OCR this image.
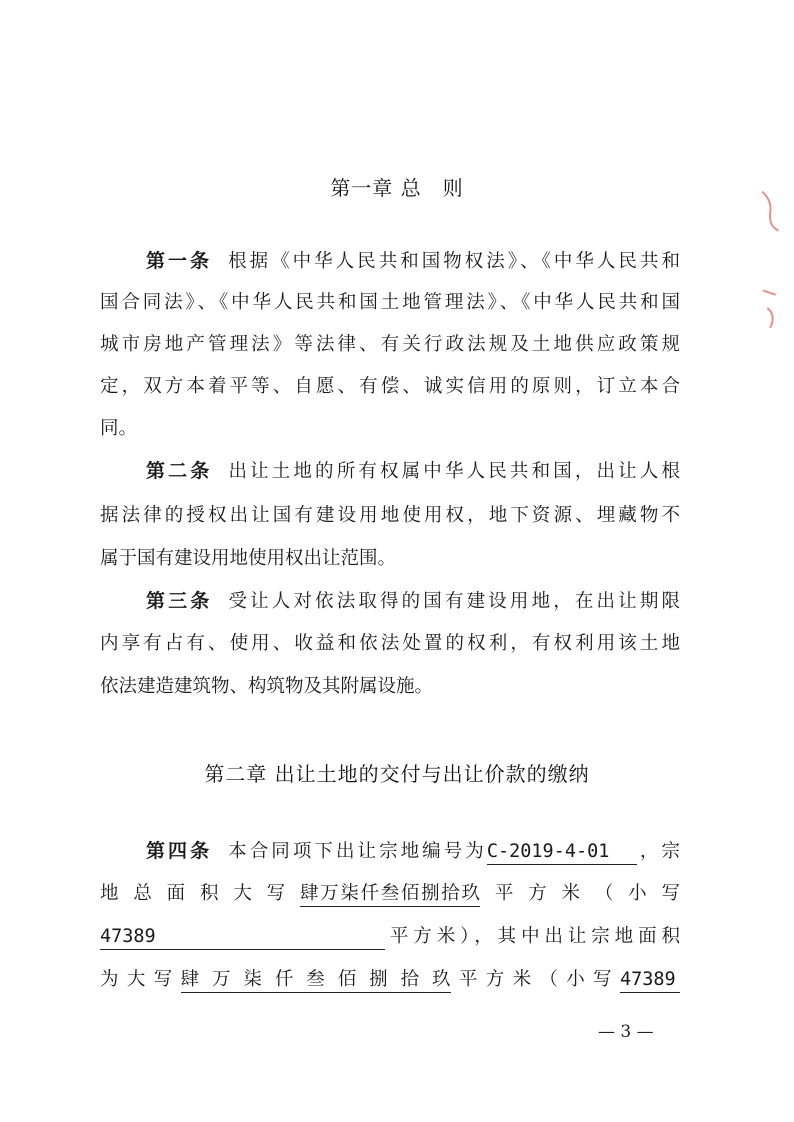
第一章 总　则
第一条 根据《中华人民共和国物权法》、《中华人民共和
国合同法》、《中华人民共和国土地管理法》、《中华人民共和国
城市房地产管理法》等法律、有关行政法规及土地供应政策规
定，双方本着平等、自愿、有偿、诚实信用的原则，订立本合
同。
第二条 出让土地的所有权属中华人民共和国，出让人根
据法律的授权出让国有建设用地使用权，地下资源、埋藏物不
属于国有建设用地使用权出让范围。
第三条 受让人对依法取得的国有建设用地，在出让期限
内享有占有、使用、收益和依法处置的权利，有权利用该土地
依法建造建筑物、构筑物及其附属设施。
第二章 出让土地的交付与出让价款的缴纳
第四条 本合同项下出让宗地编号为C-2019-4-01 ，宗
地总面积大写肆万柒仟叁佰捌拾玖平方米（小写
47389	平方米），其中出让宗地面积
为大写肆万柒仟叁佰捌拾玖平方米（小写47389
— 3 —
